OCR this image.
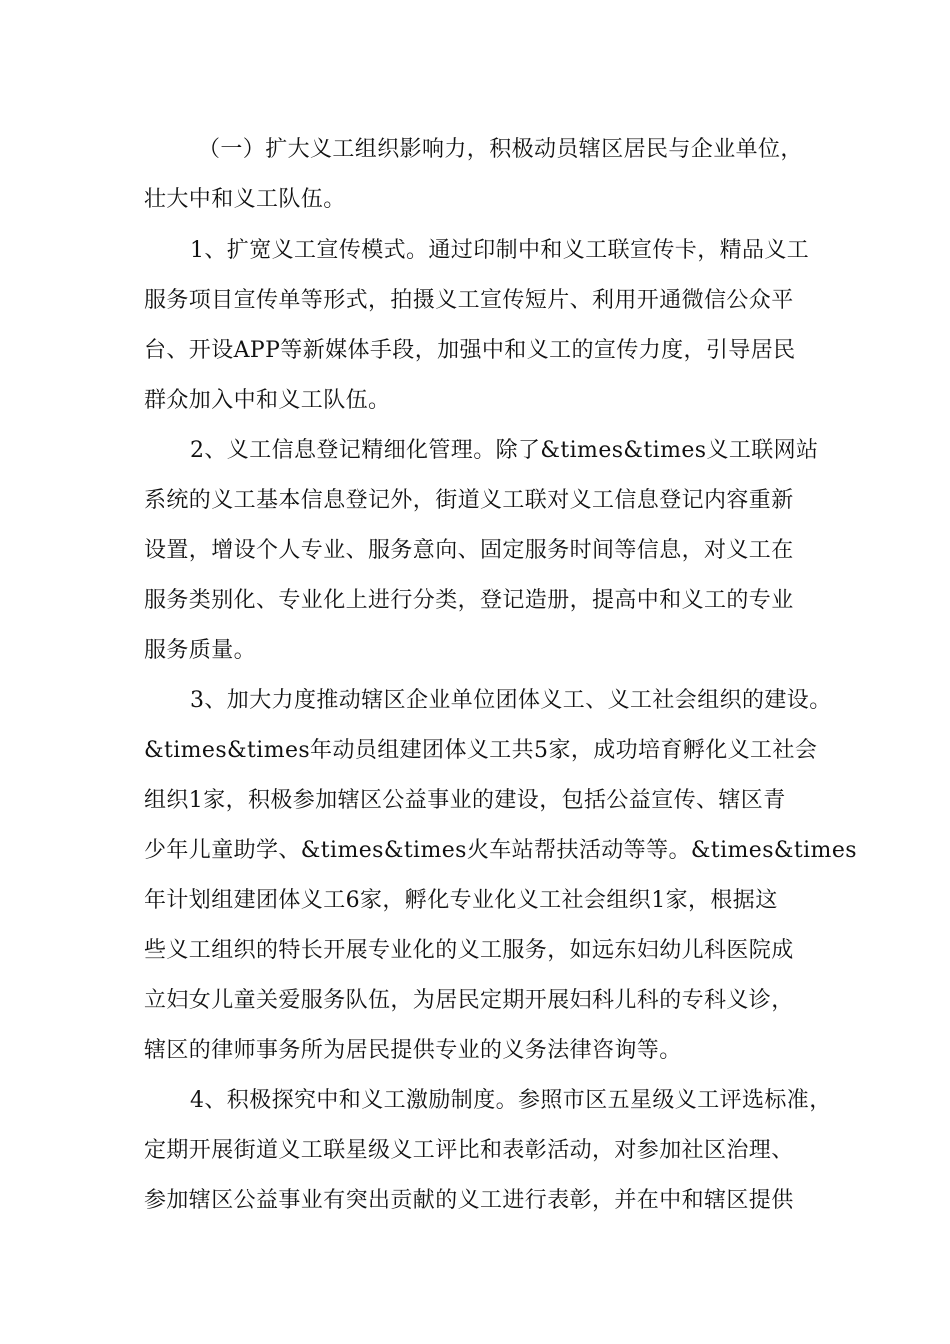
（一）扩大义工组织影响力，积极动员辖区居民与企业单位，
壮大中和义工队伍。
1、扩宽义工宣传模式。通过印制中和义工联宣传卡，精品义工
服务项目宣传单等形式，拍摄义工宣传短片、利用开通微信公众平
台、开设APP等新媒体手段，加强中和义工的宣传力度，引导居民
群众加入中和义工队伍。
2、义工信息登记精细化管理。除了&times&times义工联网站
系统的义工基本信息登记外，街道义工联对义工信息登记内容重新
设置，增设个人专业、服务意向、固定服务时间等信息，对义工在
服务类别化、专业化上进行分类，登记造册，提高中和义工的专业
服务质量。
3、加大力度推动辖区企业单位团体义工、义工社会组织的建设。
&times&times年动员组建团体义工共5家，成功培育孵化义工社会
组织1家，积极参加辖区公益事业的建设，包括公益宣传、辖区青
少年儿童助学、&times&times火车站帮扶活动等等。&times&times
年计划组建团体义工6家，孵化专业化义工社会组织1家，根据这
些义工组织的特长开展专业化的义工服务，如远东妇幼儿科医院成
立妇女儿童关爱服务队伍，为居民定期开展妇科儿科的专科义诊，
辖区的律师事务所为居民提供专业的义务法律咨询等。
4、积极探究中和义工激励制度。参照市区五星级义工评选标准，
定期开展街道义工联星级义工评比和表彰活动，对参加社区治理、
参加辖区公益事业有突出贡献的义工进行表彰，并在中和辖区提供
